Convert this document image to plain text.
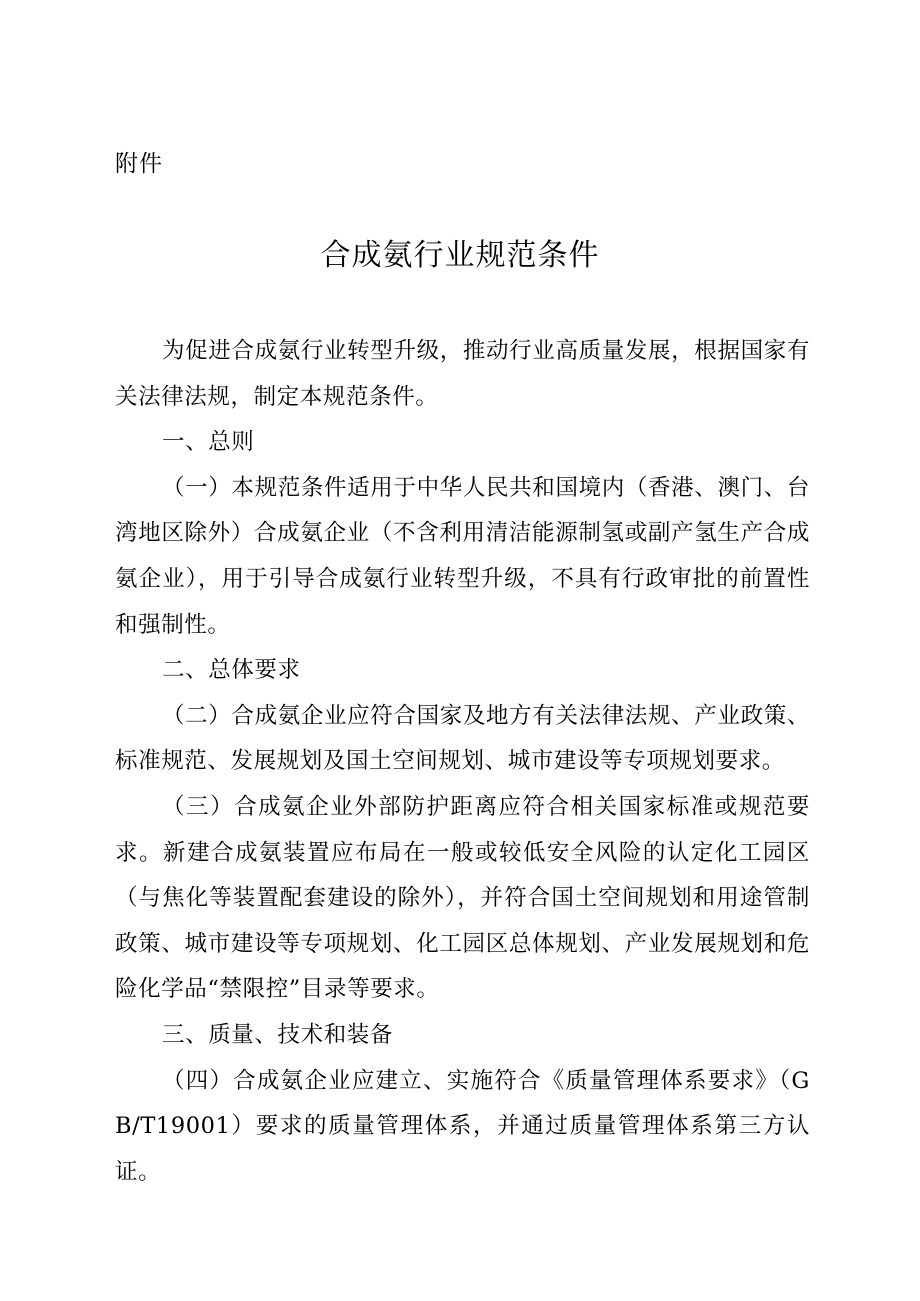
附件
合成氨行业规范条件

为促进合成氨行业转型升级，推动行业高质量发展，根据国家有关法律法规，制定本规范条件。

一、总则

（一）本规范条件适用于中华人民共和国境内（香港、澳门、台湾地区除外）合成氨企业（不含利用清洁能源制氢或副产氢生产合成氨企业），用于引导合成氨行业转型升级，不具有行政审批的前置性和强制性。

二、总体要求

（二）合成氨企业应符合国家及地方有关法律法规、产业政策、标准规范、发展规划及国土空间规划、城市建设等专项规划要求。

（三）合成氨企业外部防护距离应符合相关国家标准或规范要求。新建合成氨装置应布局在一般或较低安全风险的认定化工园区（与焦化等装置配套建设的除外），并符合国土空间规划和用途管制政策、城市建设等专项规划、化工园区总体规划、产业发展规划和危险化学品“禁限控”目录等要求。

三、质量、技术和装备

（四）合成氨企业应建立、实施符合《质量管理体系要求》（GB/T19001）要求的质量管理体系，并通过质量管理体系第三方认证。
